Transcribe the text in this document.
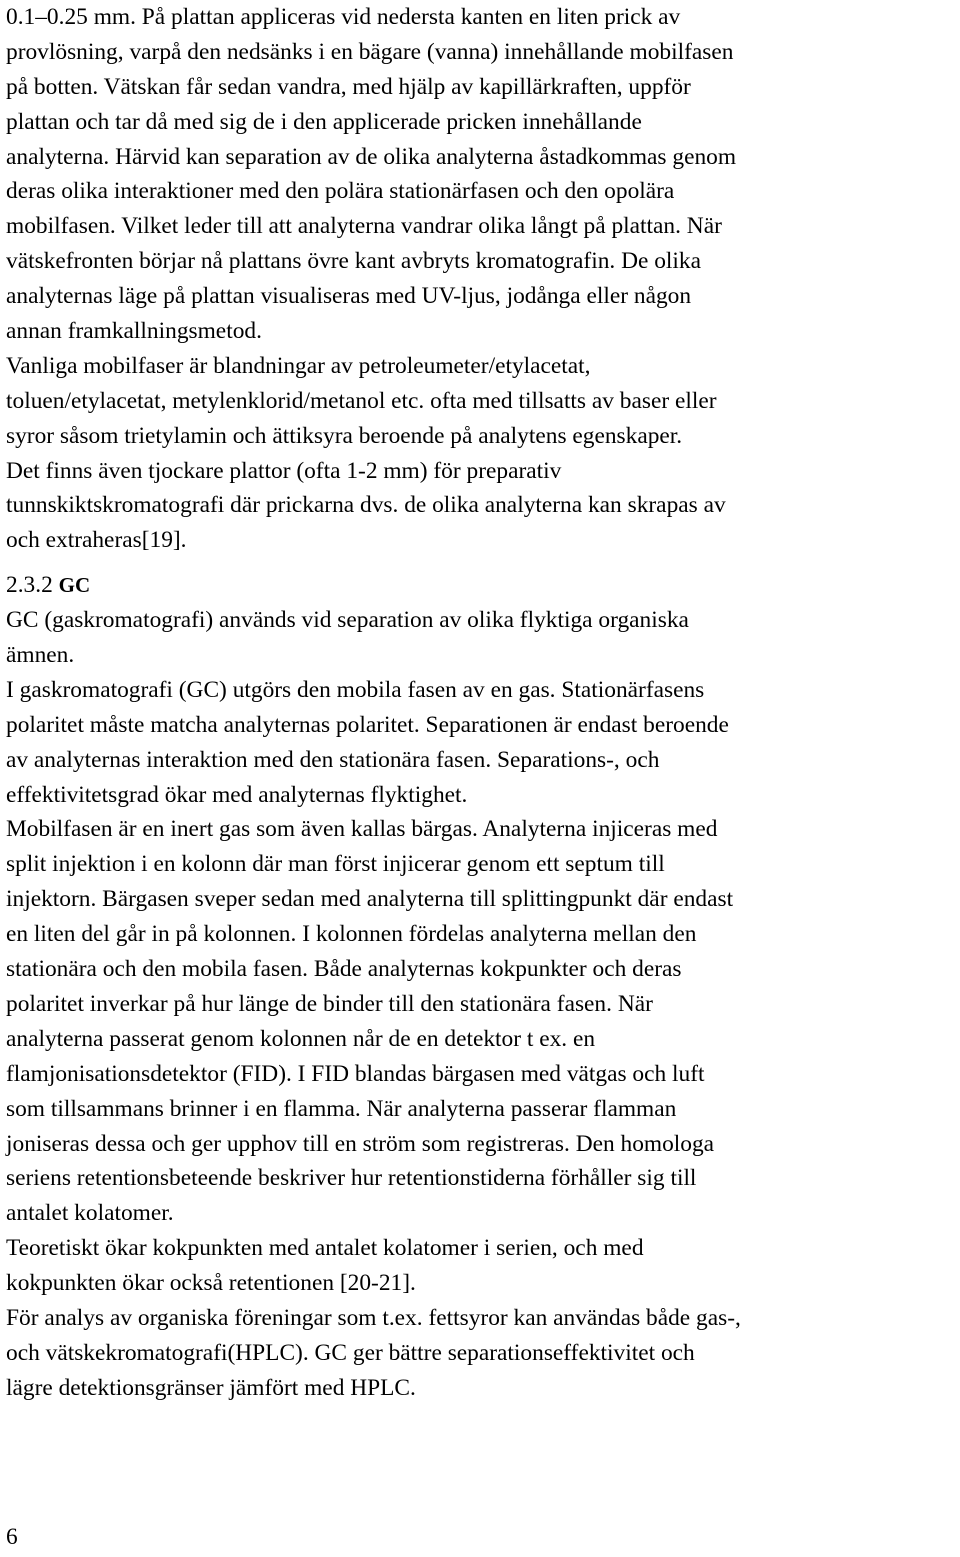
0.1–0.25 mm. På plattan appliceras vid nedersta kanten en liten prick av
provlösning, varpå den nedsänks i en bägare (vanna) innehållande mobilfasen
på botten. Vätskan får sedan vandra, med hjälp av kapillärkraften, uppför
plattan och tar då med sig de i den applicerade pricken innehållande
analyterna. Härvid kan separation av de olika analyterna åstadkommas genom
deras olika interaktioner med den polära stationärfasen och den opolära
mobilfasen. Vilket leder till att analyterna vandrar olika långt på plattan. När
vätskefronten börjar nå plattans övre kant avbryts kromatografin. De olika
analyternas läge på plattan visualiseras med UV-ljus, jodånga eller någon
annan framkallningsmetod.
Vanliga mobilfaser är blandningar av petroleumeter/etylacetat,
toluen/etylacetat, metylenklorid/metanol etc. ofta med tillsatts av baser eller
syror såsom trietylamin och ättiksyra beroende på analytens egenskaper.
Det finns även tjockare plattor (ofta 1-2 mm) för preparativ
tunnskiktskromatografi där prickarna dvs. de olika analyterna kan skrapas av
och extraheras[19].
2.3.2 GC
GC (gaskromatografi) används vid separation av olika flyktiga organiska
ämnen.
I gaskromatografi (GC) utgörs den mobila fasen av en gas. Stationärfasens
polaritet måste matcha analyternas polaritet. Separationen är endast beroende
av analyternas interaktion med den stationära fasen. Separations-, och
effektivitetsgrad ökar med analyternas flyktighet.
Mobilfasen är en inert gas som även kallas bärgas. Analyterna injiceras med
split injektion i en kolonn där man först injicerar genom ett septum till
injektorn. Bärgasen sveper sedan med analyterna till splittingpunkt där endast
en liten del går in på kolonnen. I kolonnen fördelas analyterna mellan den
stationära och den mobila fasen. Både analyternas kokpunkter och deras
polaritet inverkar på hur länge de binder till den stationära fasen. När
analyterna passerat genom kolonnen når de en detektor t ex. en
flamjonisationsdetektor (FID). I FID blandas bärgasen med vätgas och luft
som tillsammans brinner i en flamma. När analyterna passerar flamman
joniseras dessa och ger upphov till en ström som registreras. Den homologa
seriens retentionsbeteende beskriver hur retentionstiderna förhåller sig till
antalet kolatomer.
Teoretiskt ökar kokpunkten med antalet kolatomer i serien, och med
kokpunkten ökar också retentionen [20-21].
För analys av organiska föreningar som t.ex. fettsyror kan användas både gas-,
och vätskekromatografi(HPLC). GC ger bättre separationseffektivitet och
lägre detektionsgränser jämfört med HPLC.
6
